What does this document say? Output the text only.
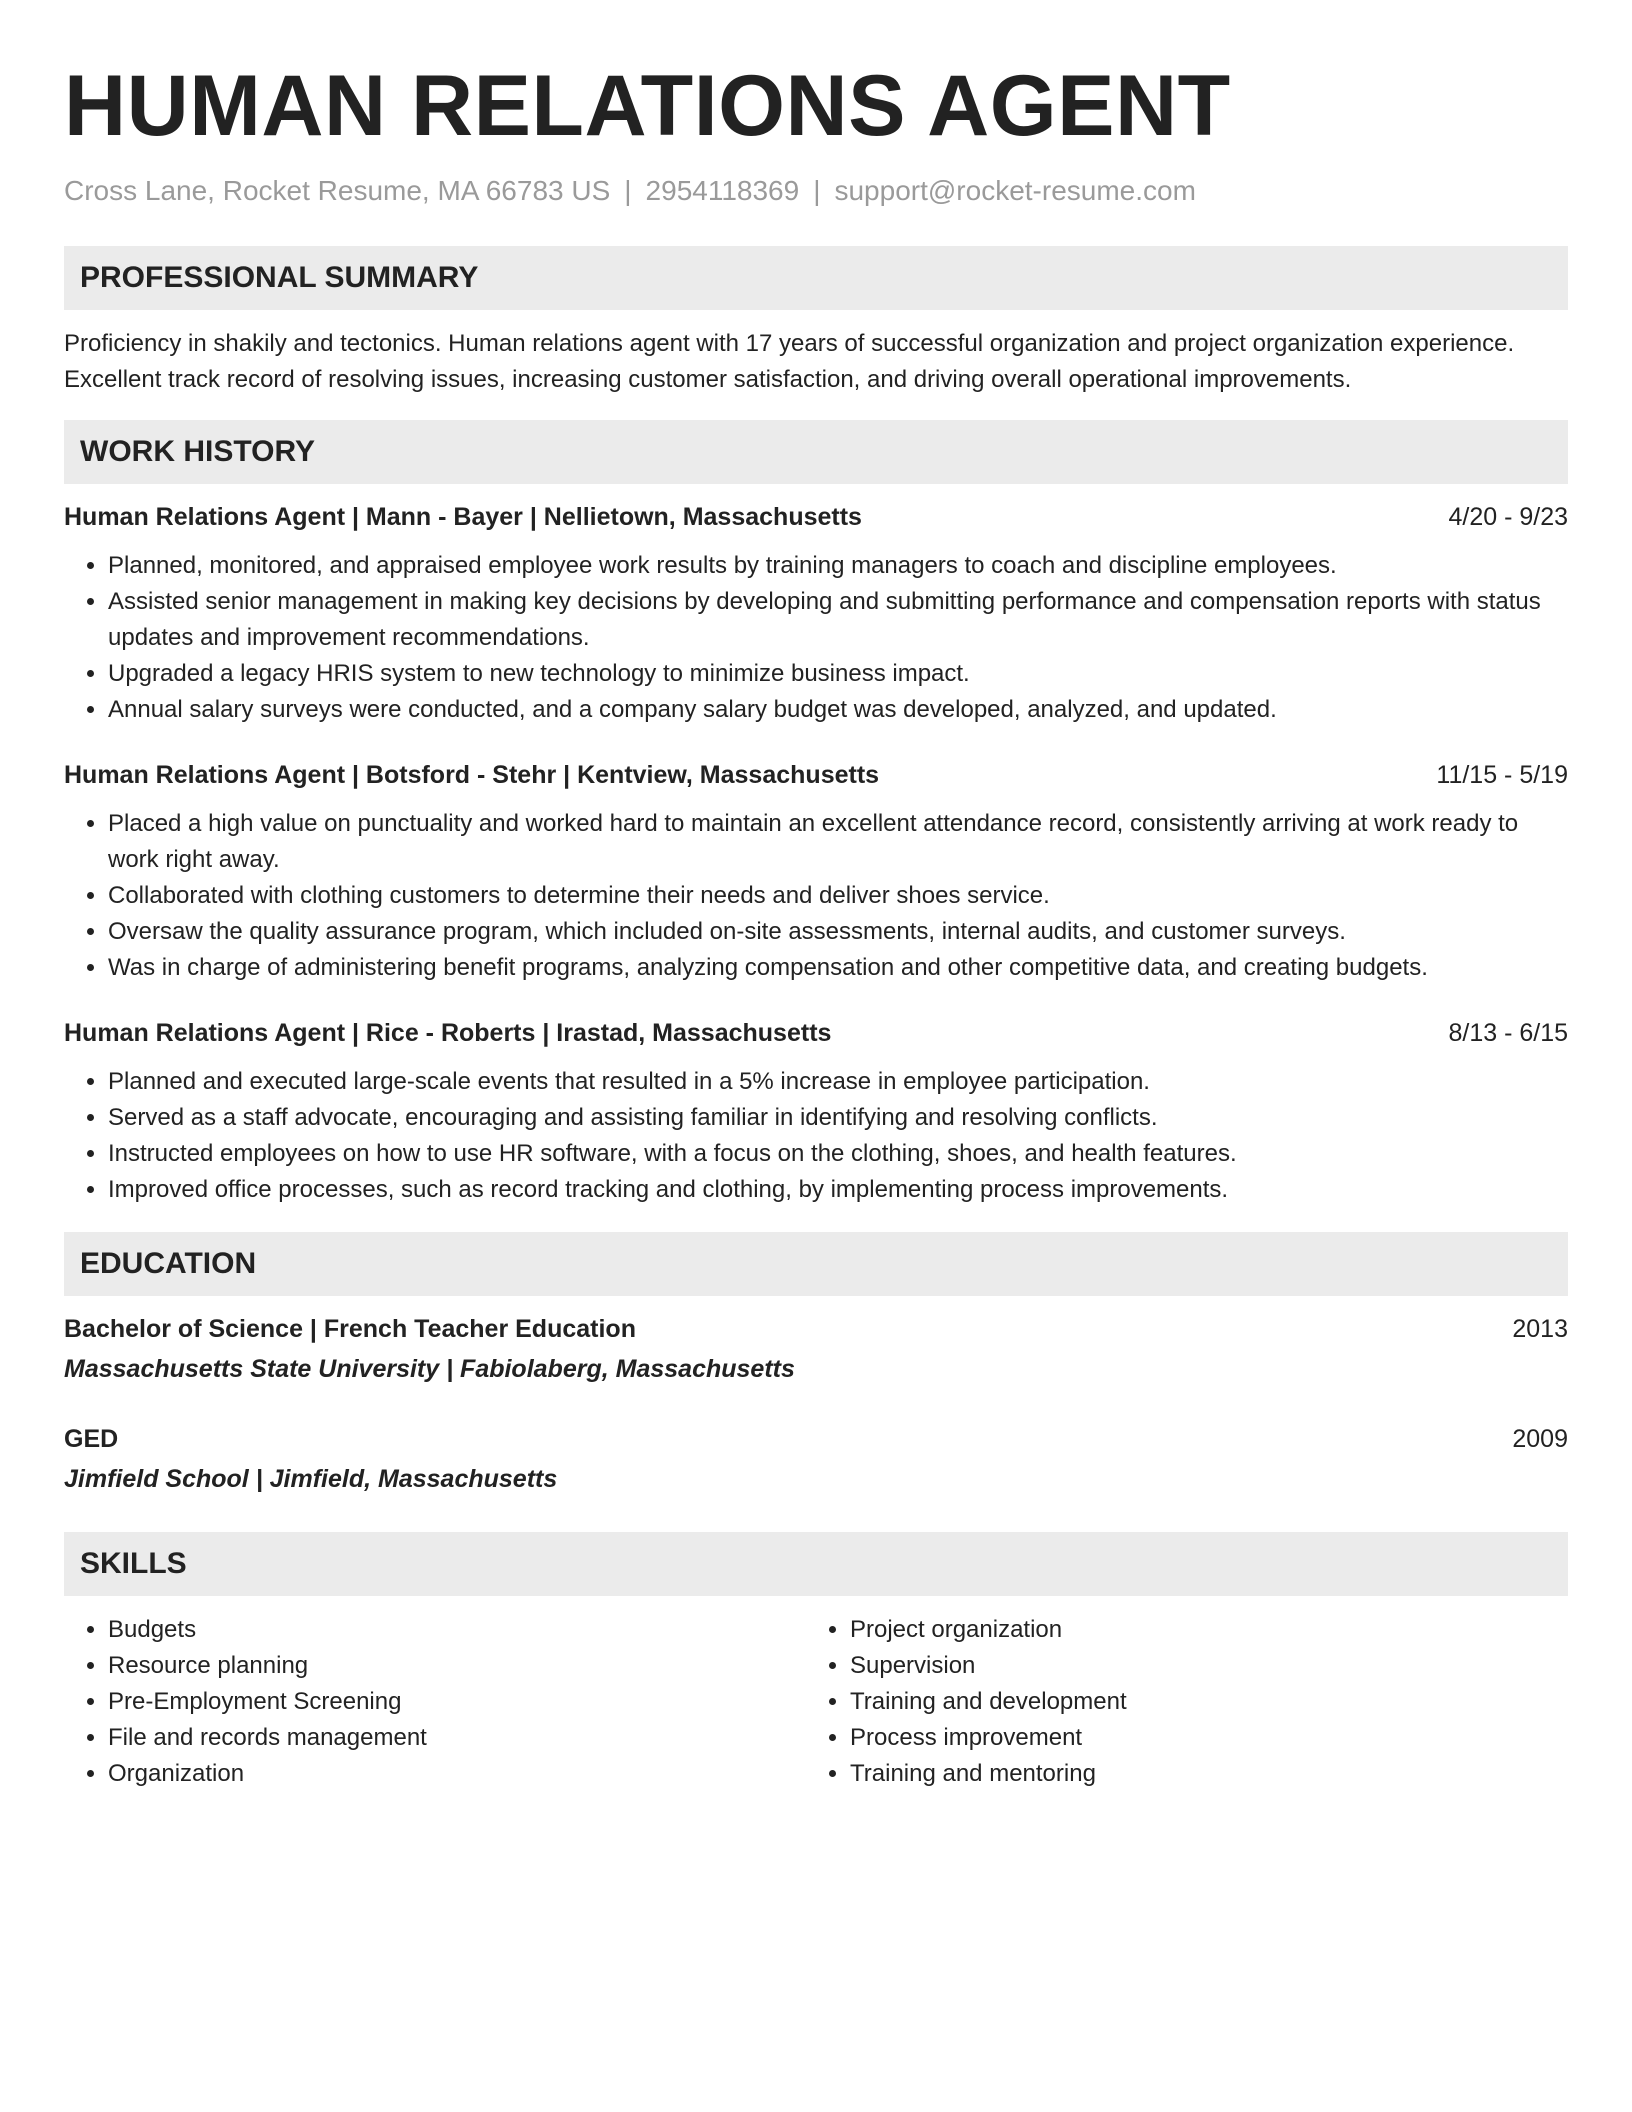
HUMAN RELATIONS AGENT
Cross Lane, Rocket Resume, MA 66783 US | 2954118369 | support@rocket-resume.com
PROFESSIONAL SUMMARY
Proficiency in shakily and tectonics. Human relations agent with 17 years of successful organization and project organization experience. Excellent track record of resolving issues, increasing customer satisfaction, and driving overall operational improvements.
WORK HISTORY
Human Relations Agent | Mann - Bayer | Nellietown, Massachusetts	4/20 - 9/23
• Planned, monitored, and appraised employee work results by training managers to coach and discipline employees.
• Assisted senior management in making key decisions by developing and submitting performance and compensation reports with status updates and improvement recommendations.
• Upgraded a legacy HRIS system to new technology to minimize business impact.
• Annual salary surveys were conducted, and a company salary budget was developed, analyzed, and updated.
Human Relations Agent | Botsford - Stehr | Kentview, Massachusetts	11/15 - 5/19
• Placed a high value on punctuality and worked hard to maintain an excellent attendance record, consistently arriving at work ready to work right away.
• Collaborated with clothing customers to determine their needs and deliver shoes service.
• Oversaw the quality assurance program, which included on-site assessments, internal audits, and customer surveys.
• Was in charge of administering benefit programs, analyzing compensation and other competitive data, and creating budgets.
Human Relations Agent | Rice - Roberts | Irastad, Massachusetts	8/13 - 6/15
• Planned and executed large-scale events that resulted in a 5% increase in employee participation.
• Served as a staff advocate, encouraging and assisting familiar in identifying and resolving conflicts.
• Instructed employees on how to use HR software, with a focus on the clothing, shoes, and health features.
• Improved office processes, such as record tracking and clothing, by implementing process improvements.
EDUCATION
Bachelor of Science | French Teacher Education	2013
Massachusetts State University | Fabiolaberg, Massachusetts
GED	2009
Jimfield School | Jimfield, Massachusetts
SKILLS
• Budgets
• Resource planning
• Pre-Employment Screening
• File and records management
• Organization
• Project organization
• Supervision
• Training and development
• Process improvement
• Training and mentoring
